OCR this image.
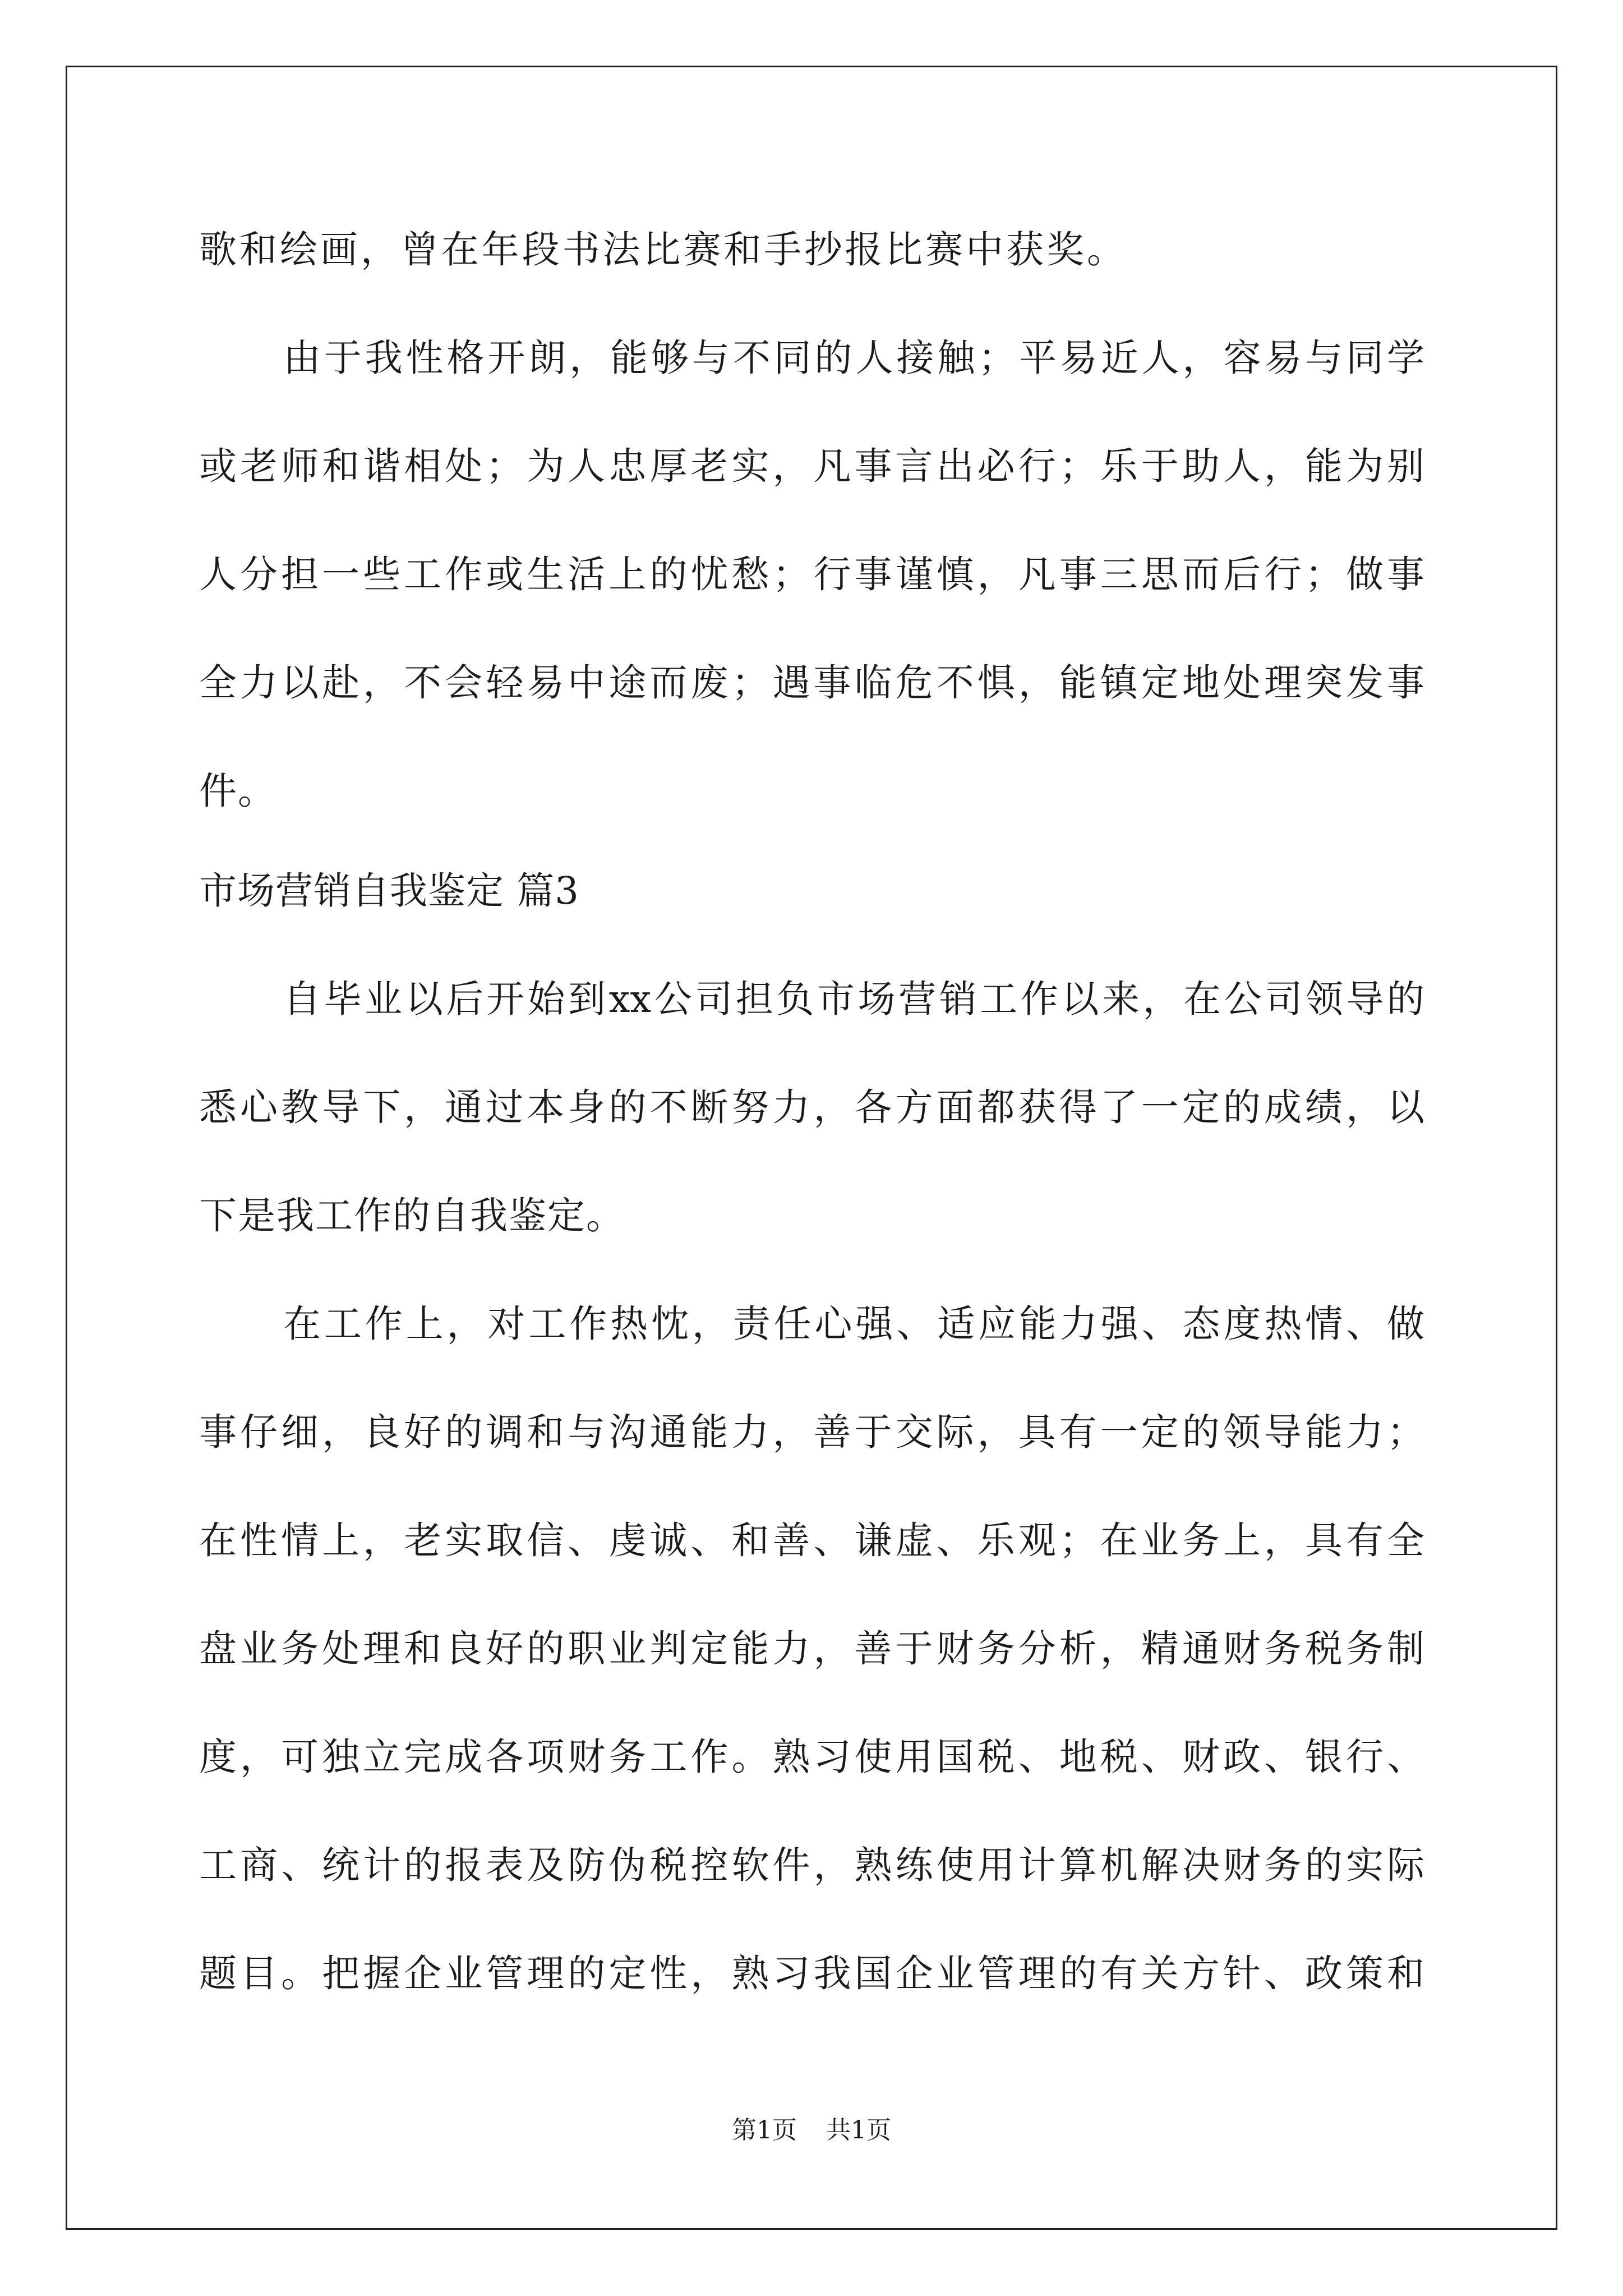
歌和绘画，曾在年段书法比赛和手抄报比赛中获奖。
由于我性格开朗，能够与不同的人接触；平易近人，容易与同学
或老师和谐相处；为人忠厚老实，凡事言出必行；乐于助人，能为别
人分担一些工作或生活上的忧愁；行事谨慎，凡事三思而后行；做事
全力以赴，不会轻易中途而废；遇事临危不惧，能镇定地处理突发事
件。
市场营销自我鉴定 篇3
自毕业以后开始到xx公司担负市场营销工作以来，在公司领导的
悉心教导下，通过本身的不断努力，各方面都获得了一定的成绩，以
下是我工作的自我鉴定。
在工作上，对工作热忱，责任心强、适应能力强、态度热情、做
事仔细，良好的调和与沟通能力，善于交际，具有一定的领导能力；
在性情上，老实取信、虔诚、和善、谦虚、乐观；在业务上，具有全
盘业务处理和良好的职业判定能力，善于财务分析，精通财务税务制
度，可独立完成各项财务工作。熟习使用国税、地税、财政、银行、
工商、统计的报表及防伪税控软件，熟练使用计算机解决财务的实际
题目。把握企业管理的定性，熟习我国企业管理的有关方针、政策和
第1页 共1页
